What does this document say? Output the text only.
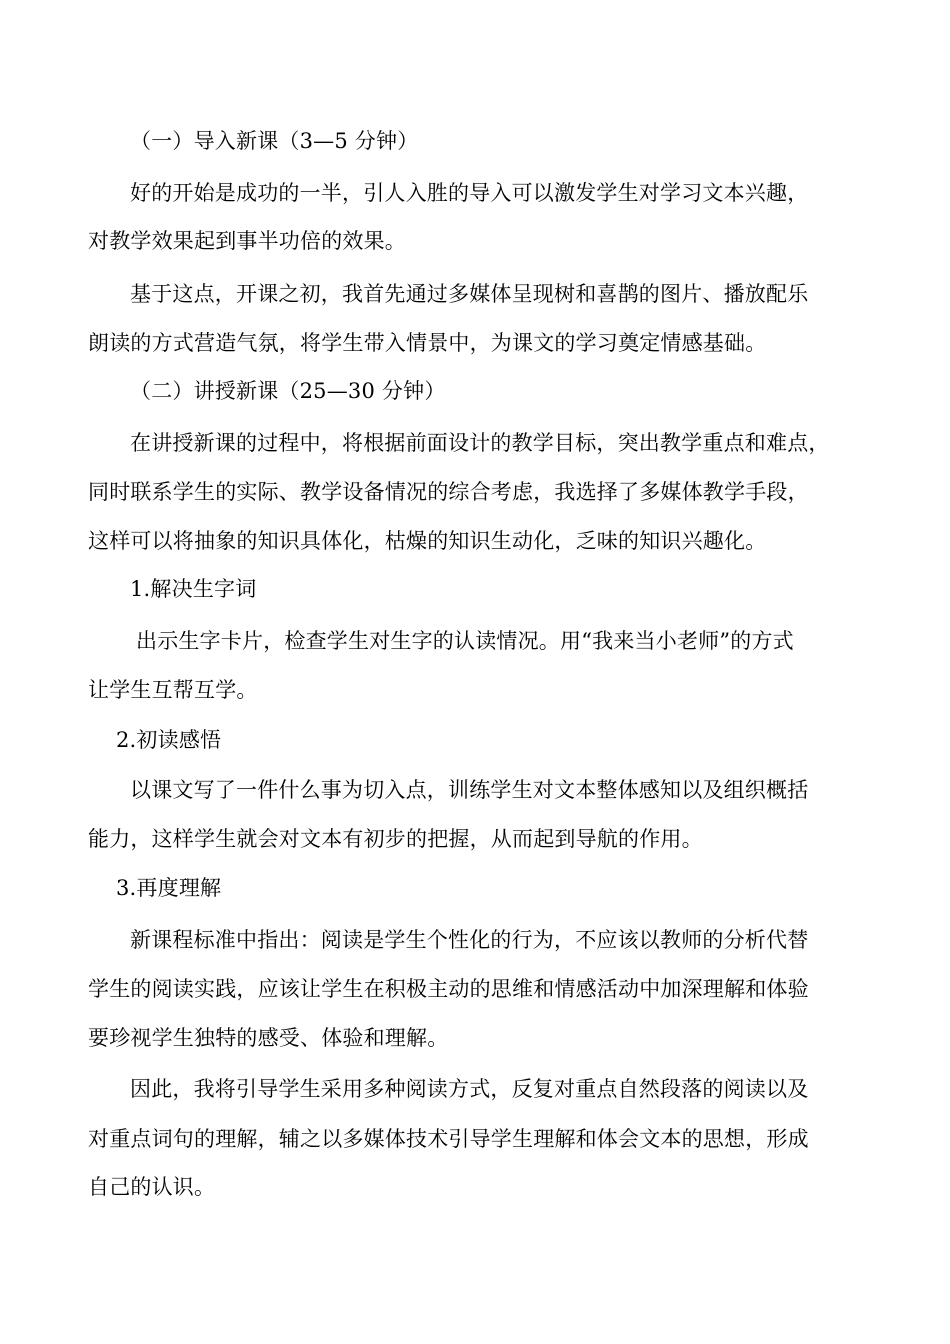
（一）导入新课（3—5 分钟）
好的开始是成功的一半，引人入胜的导入可以激发学生对学习文本兴趣，
对教学效果起到事半功倍的效果。
基于这点，开课之初，我首先通过多媒体呈现树和喜鹊的图片、播放配乐
朗读的方式营造气氛，将学生带入情景中，为课文的学习奠定情感基础。
（二）讲授新课（25—30 分钟）
在讲授新课的过程中，将根据前面设计的教学目标，突出教学重点和难点，
同时联系学生的实际、教学设备情况的综合考虑，我选择了多媒体教学手段，
这样可以将抽象的知识具体化，枯燥的知识生动化，乏味的知识兴趣化。
1.解决生字词
出示生字卡片，检查学生对生字的认读情况。用“我来当小老师”的方式
让学生互帮互学。
2.初读感悟
以课文写了一件什么事为切入点，训练学生对文本整体感知以及组织概括
能力，这样学生就会对文本有初步的把握，从而起到导航的作用。
3.再度理解
新课程标准中指出：阅读是学生个性化的行为，不应该以教师的分析代替
学生的阅读实践，应该让学生在积极主动的思维和情感活动中加深理解和体验
要珍视学生独特的感受、体验和理解。
因此，我将引导学生采用多种阅读方式，反复对重点自然段落的阅读以及
对重点词句的理解，辅之以多媒体技术引导学生理解和体会文本的思想，形成
自己的认识。
